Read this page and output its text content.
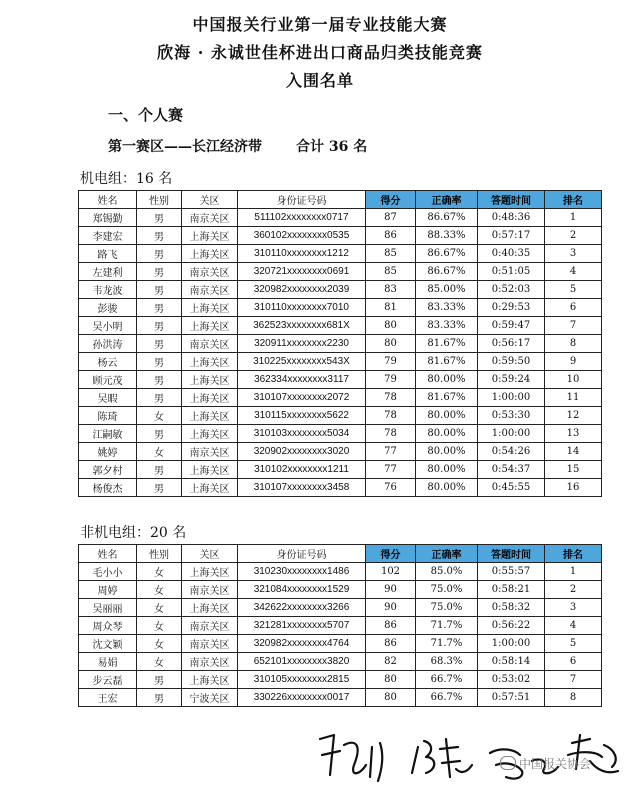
中国报关行业第一届专业技能大赛
欣海 · 永诚世佳杯进出口商品归类技能竞赛
入围名单
一、个人赛
第一赛区——长江经济带 合计 36 名
机电组：16 名
姓名	性别	关区	身份证号码	得分	正确率	答题时间	排名
郑锡勤	男	南京关区	511102xxxxxxxx0717	87	86.67%	0:48:36	1
李建宏	男	上海关区	360102xxxxxxxx0535	86	88.33%	0:57:17	2
路飞	男	上海关区	310110xxxxxxxx1212	85	86.67%	0:40:35	3
左建利	男	南京关区	320721xxxxxxxx0691	85	86.67%	0:51:05	4
韦龙波	男	南京关区	320982xxxxxxxx2039	83	85.00%	0:52:03	5
彭骏	男	上海关区	310110xxxxxxxx7010	81	83.33%	0:29:53	6
吴小明	男	上海关区	362523xxxxxxxx681X	80	83.33%	0:59:47	7
孙洪涛	男	南京关区	320911xxxxxxxx2230	80	81.67%	0:56:17	8
杨云	男	上海关区	310225xxxxxxxx543X	79	81.67%	0:59:50	9
顾元茂	男	上海关区	362334xxxxxxxx3117	79	80.00%	0:59:24	10
吴暇	男	上海关区	310107xxxxxxxx2072	78	81.67%	1:00:00	11
陈琦	女	上海关区	310115xxxxxxxx5622	78	80.00%	0:53:30	12
江嗣敏	男	上海关区	310103xxxxxxxx5034	78	80.00%	1:00:00	13
姚婷	女	南京关区	320902xxxxxxxx3020	77	80.00%	0:54:26	14
郭夕村	男	上海关区	310102xxxxxxxx1211	77	80.00%	0:54:37	15
杨俊杰	男	上海关区	310107xxxxxxxx3458	76	80.00%	0:45:55	16
非机电组：20 名
姓名	性别	关区	身份证号码	得分	正确率	答题时间	排名
毛小小	女	上海关区	310230xxxxxxxx1486	102	85.0%	0:55:57	1
周婷	女	南京关区	321084xxxxxxxx1529	90	75.0%	0:58:21	2
吴丽丽	女	上海关区	342622xxxxxxxx3266	90	75.0%	0:58:32	3
周众琴	女	南京关区	321281xxxxxxxx5707	86	71.7%	0:56:22	4
沈文颖	女	南京关区	320982xxxxxxxx4764	86	71.7%	1:00:00	5
易娟	女	南京关区	652101xxxxxxxx3820	82	68.3%	0:58:14	6
步云磊	男	上海关区	310105xxxxxxxx2815	80	66.7%	0:53:02	7
王宏	男	宁波关区	330226xxxxxxxx0017	80	66.7%	0:57:51	8
中国报关协会
